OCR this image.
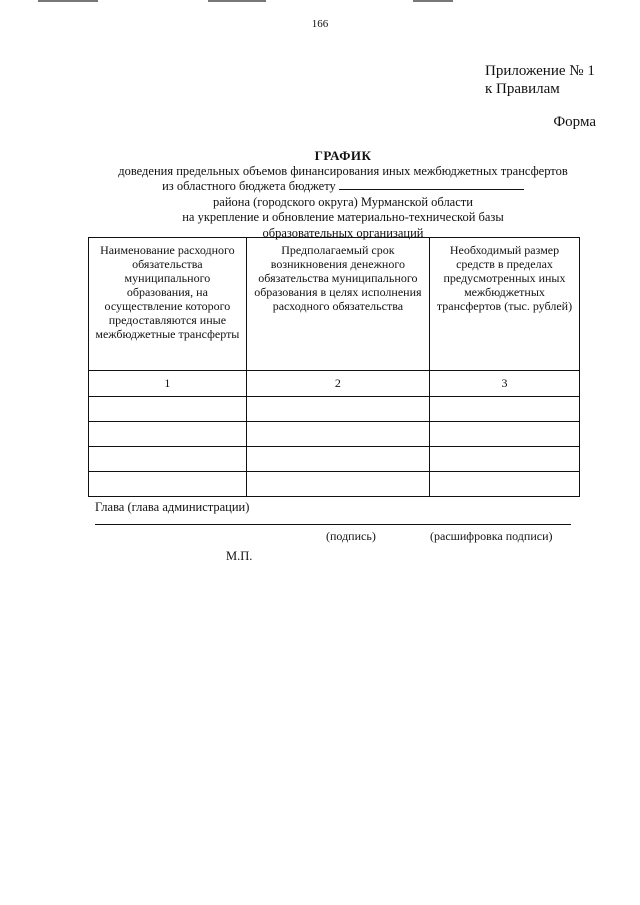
166
Приложение № 1
к Правилам
Форма
ГРАФИК
доведения предельных объемов финансирования иных межбюджетных трансфертов
из областного бюджета бюджету
района (городского округа) Мурманской области
на укрепление и обновление материально-технической базы
образовательных организаций
Наименование расходного обязательства муниципального образования, на осуществление которого предоставляются иные межбюджетные трансферты	Предполагаемый срок возникновения денежного обязательства муниципального образования в целях исполнения расходного обязательства	Необходимый размер средств в пределах предусмотренных иных межбюджетных трансфертов (тыс. рублей)
1	2	3

Глава (глава администрации)
(подпись)	(расшифровка подписи)
М.П.
